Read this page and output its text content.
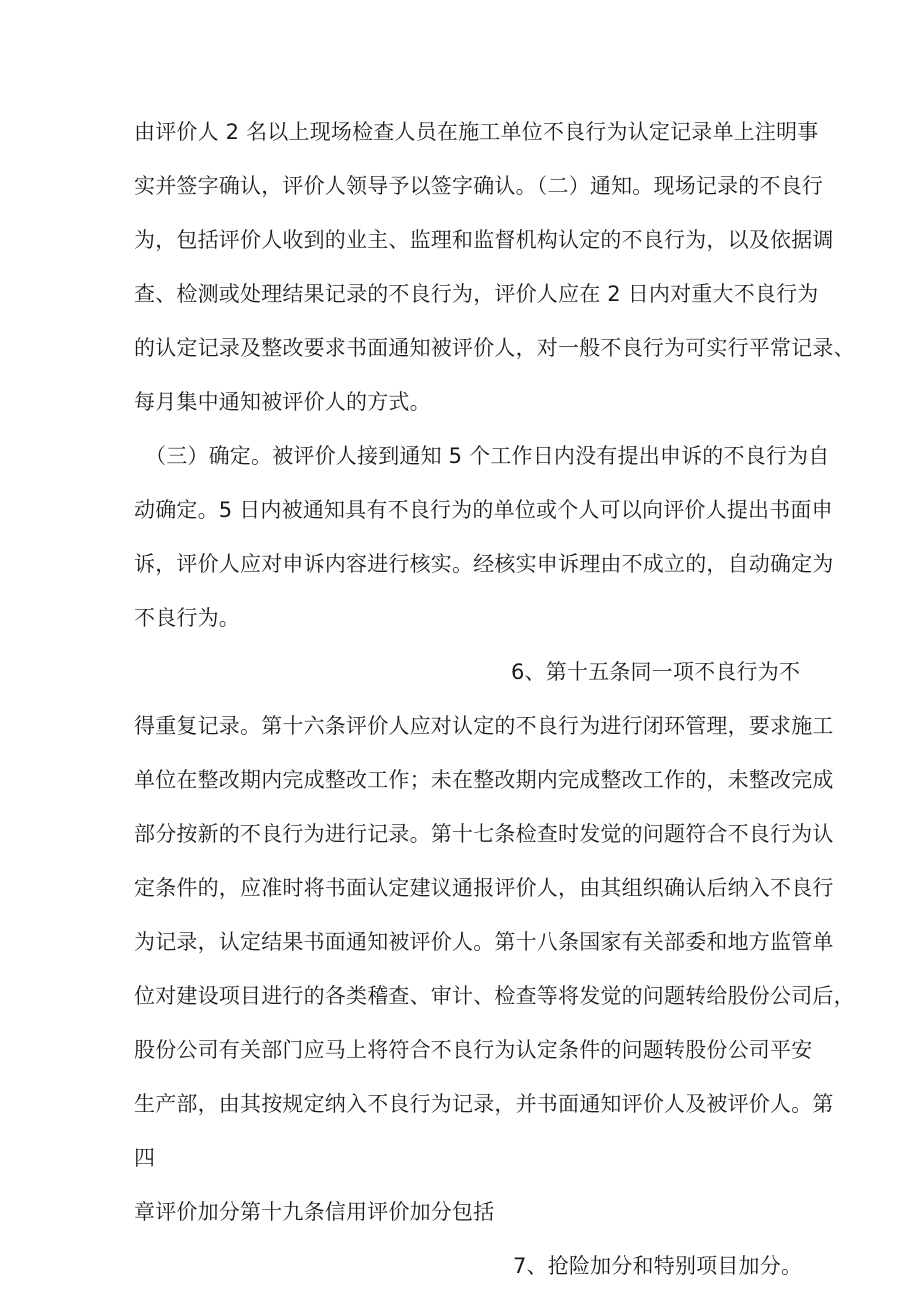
由评价人 2 名以上现场检查人员在施工单位不良行为认定记录单上注明事
实并签字确认，评价人领导予以签字确认。（二）通知。现场记录的不良行
为，包括评价人收到的业主、监理和监督机构认定的不良行为，以及依据调
查、检测或处理结果记录的不良行为，评价人应在 2 日内对重大不良行为
的认定记录及整改要求书面通知被评价人，对一般不良行为可实行平常记录、
每月集中通知被评价人的方式。
（三）确定。被评价人接到通知 5 个工作日内没有提出申诉的不良行为自
动确定。5 日内被通知具有不良行为的单位或个人可以向评价人提出书面申
诉，评价人应对申诉内容进行核实。经核实申诉理由不成立的，自动确定为
不良行为。
6、第十五条同一项不良行为不
得重复记录。第十六条评价人应对认定的不良行为进行闭环管理，要求施工
单位在整改期内完成整改工作；未在整改期内完成整改工作的，未整改完成
部分按新的不良行为进行记录。第十七条检查时发觉的问题符合不良行为认
定条件的，应准时将书面认定建议通报评价人，由其组织确认后纳入不良行
为记录，认定结果书面通知被评价人。第十八条国家有关部委和地方监管单
位对建设项目进行的各类稽查、审计、检查等将发觉的问题转给股份公司后，
股份公司有关部门应马上将符合不良行为认定条件的问题转股份公司平安
生产部，由其按规定纳入不良行为记录，并书面通知评价人及被评价人。第
四
章评价加分第十九条信用评价加分包括
7、抢险加分和特别项目加分。
